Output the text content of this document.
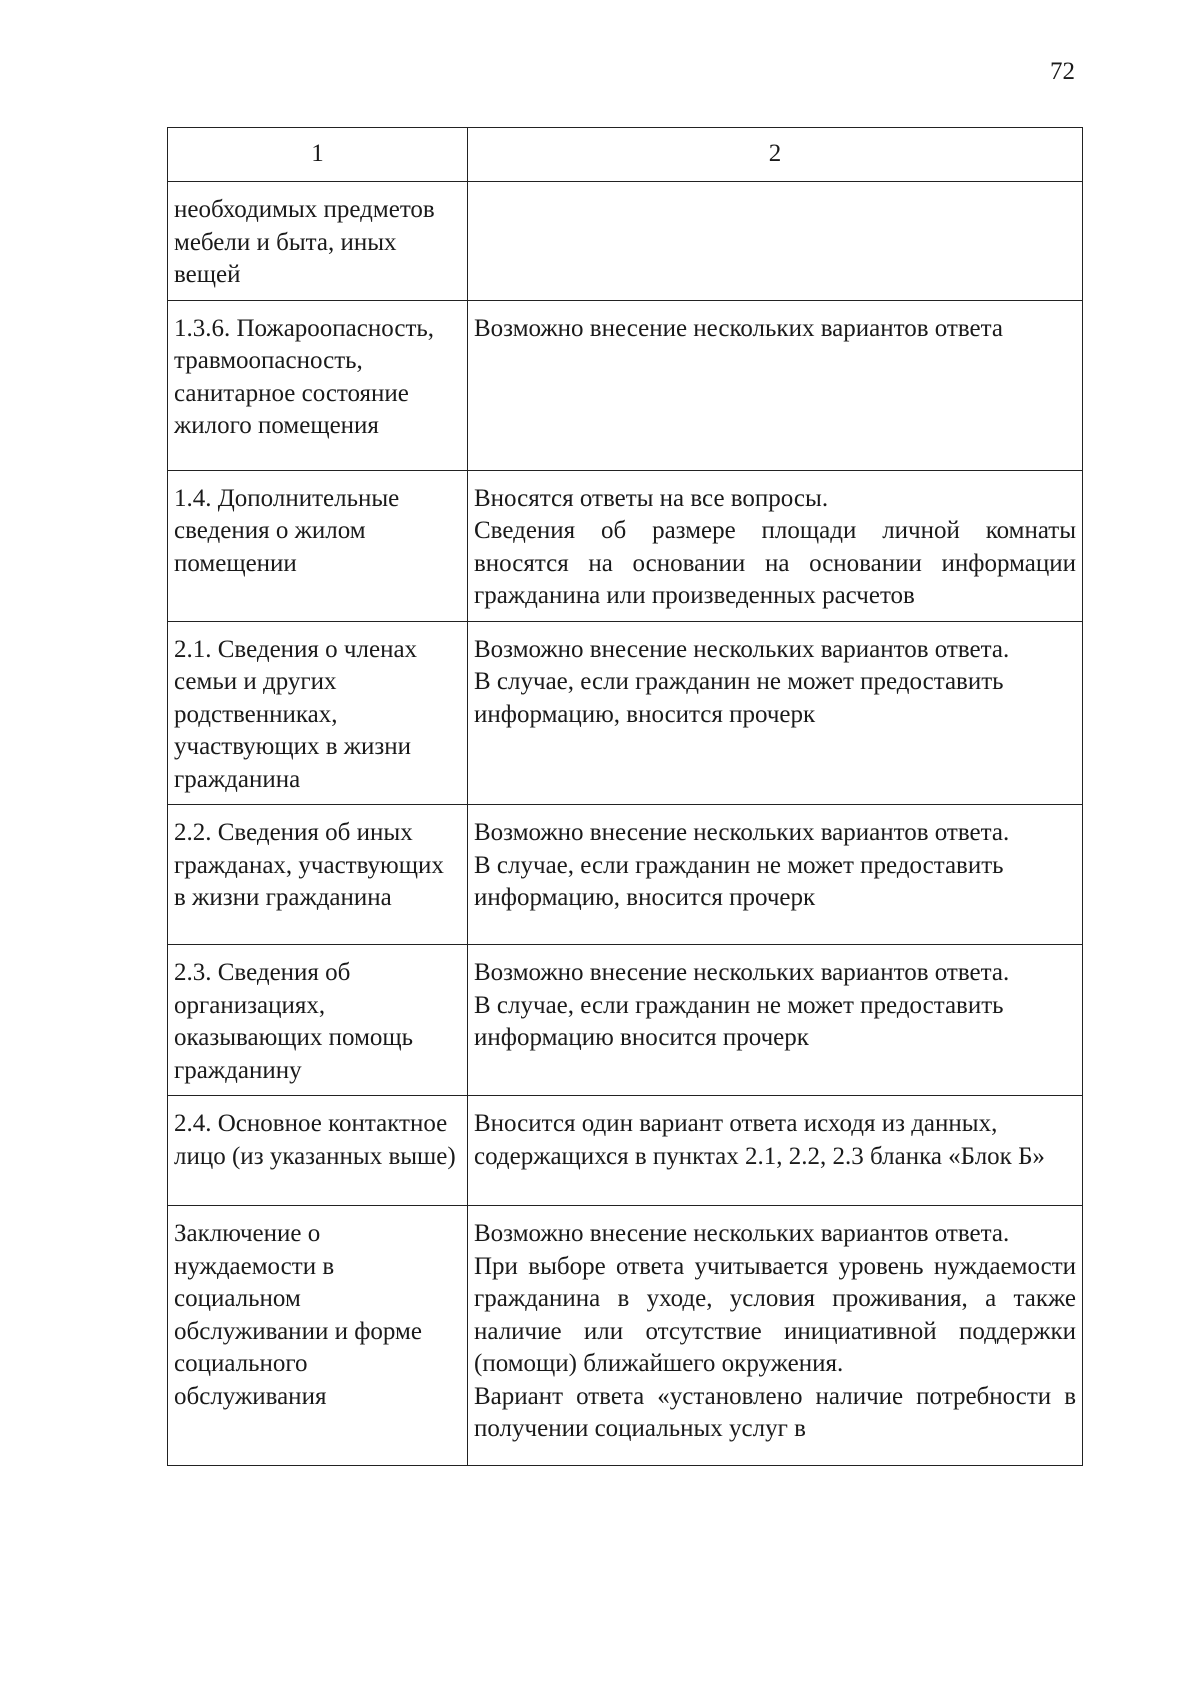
72
1	2
необходимых предметов мебели и быта, иных вещей	
1.3.6. Пожароопасность, травмоопасность, санитарное состояние жилого помещения	Возможно внесение нескольких вариантов ответа

1.4. Дополнительные сведения о жилом помещении	Вносятся ответы на все вопросы.
Сведения об размере площади личной комнаты вносятся на основании на основании информации гражданина или произведенных расчетов

2.1. Сведения о членах семьи и других родственниках, участвующих в жизни гражданина	Возможно внесение нескольких вариантов ответа.
В случае, если гражданин не может предоставить информацию, вносится прочерк

2.2. Сведения об иных гражданах, участвующих в жизни гражданина	Возможно внесение нескольких вариантов ответа.
В случае, если гражданин не может предоставить информацию, вносится прочерк

2.3. Сведения об организациях, оказывающих помощь гражданину	Возможно внесение нескольких вариантов ответа.
В случае, если гражданин не может предоставить информацию вносится прочерк

2.4. Основное контактное лицо (из указанных выше)	Вносится один вариант ответа исходя из данных, содержащихся в пунктах 2.1, 2.2, 2.3 бланка «Блок Б»

Заключение о нуждаемости в социальном обслуживании и форме социального обслуживания	Возможно внесение нескольких вариантов ответа.
При выборе ответа учитывается уровень нуждаемости гражданина в уходе, условия проживания, а также наличие или отсутствие инициативной поддержки (помощи) ближайшего окружения.
Вариант ответа «установлено наличие потребности в получении социальных услуг в
